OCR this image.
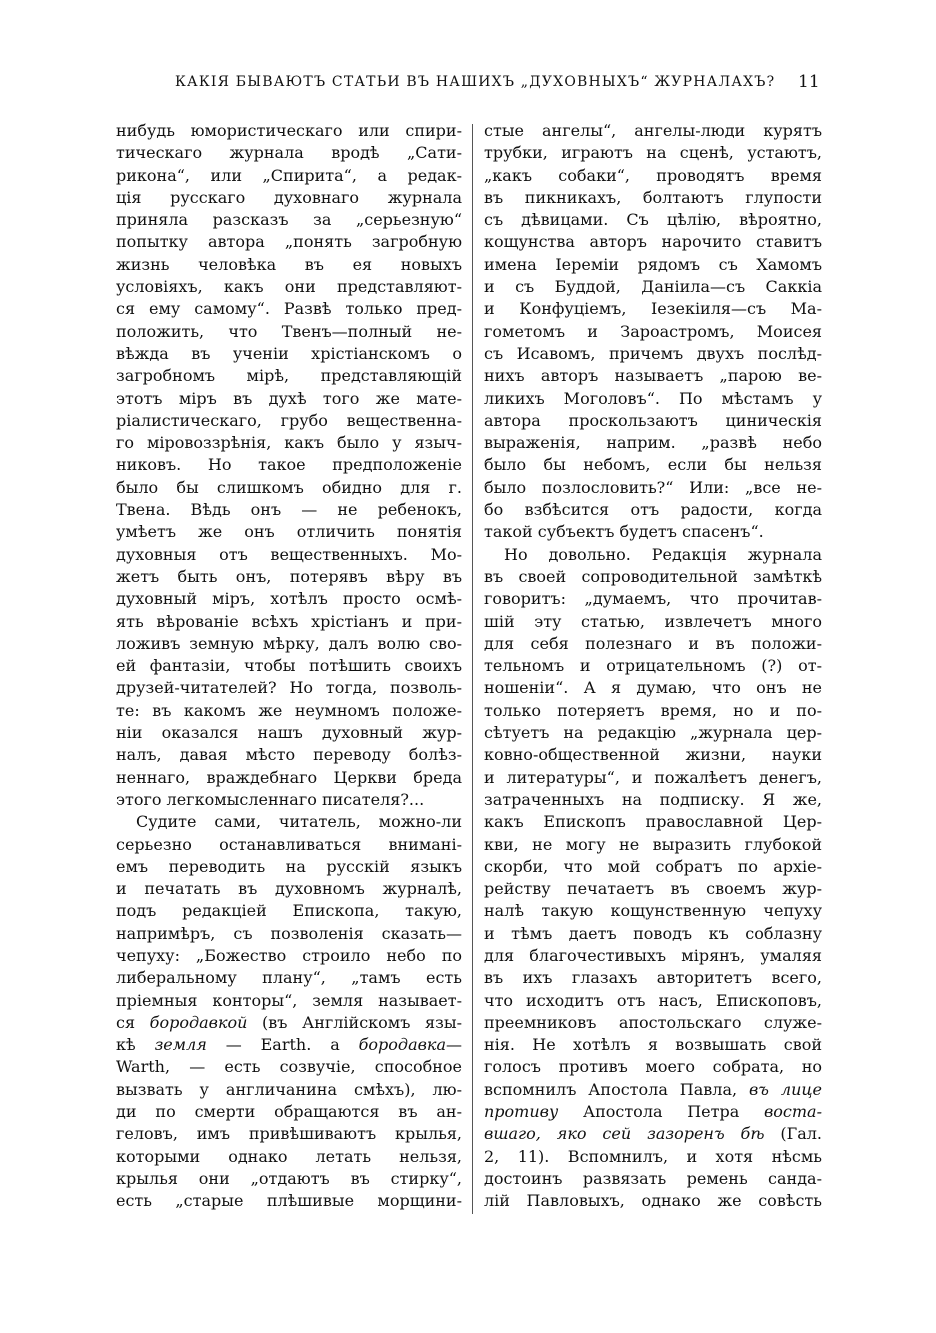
КАКІЯ БЫВАЮТЪ СТАТЬИ ВЪ НАШИХЪ „ДУХОВНЫХЪ“ ЖУРНАЛАХЪ? 11
нибудь юмористическаго или спири-
тическаго журнала вродѣ „Сати-
рикона“, или „Спирита“, а редак-
ція русскаго духовнаго журнала
приняла разсказъ за „серьезную“
попытку автора „понять загробную
жизнь человѣка въ ея новыхъ
условіяхъ, какъ они представляют-
ся ему самому“. Развѣ только пред-
положить, что Твенъ—полный не-
вѣжда въ ученіи хрістіанскомъ о
загробномъ мірѣ, представляющій
этотъ міръ въ духѣ того же мате-
ріалистическаго, грубо вещественна-
го міровоззрѣнія, какъ было у языч-
никовъ. Но такое предположеніе
было бы слишкомъ обидно для г.
Твена. Вѣдь онъ — не ребенокъ,
умѣетъ же онъ отличить понятія
духовныя отъ вещественныхъ. Мо-
жетъ быть онъ, потерявъ вѣру въ
духовный міръ, хотѣлъ просто осмѣ-
ять вѣрованіе всѣхъ хрістіанъ и при-
ложивъ земную мѣрку, далъ волю сво-
ей фантазіи, чтобы потѣшить своихъ
друзей-читателей? Но тогда, позволь-
те: въ какомъ же неумномъ положе-
ніи оказался нашъ духовный жур-
налъ, давая мѣсто переводу болѣз-
неннаго, враждебнаго Церкви бреда
этого легкомысленнаго писателя?...
Судите сами, читатель, можно-ли
серьезно останавливаться внимані-
емъ переводить на русскій языкъ
и печатать въ духовномъ журналѣ,
подъ редакціей Епископа, такую,
напримѣръ, съ позволенія сказать—
чепуху: „Божество строило небо по
либеральному плану“, „тамъ есть
пріемныя конторы“, земля называет-
ся бородавкой (въ Англійскомъ язы-
кѣ земля — Earth. а бородавка—
Warth, — есть созвучіе, способное
вызвать у англичанина смѣхъ), лю-
ди по смерти обращаются въ ан-
геловъ, имъ привѣшиваютъ крылья,
которыми однако летать нельзя,
крылья они „отдаютъ въ стирку“,
есть „старые плѣшивые морщини-
стые ангелы“, ангелы-люди курятъ
трубки, играютъ на сценѣ, устаютъ,
„какъ собаки“, проводятъ время
въ пикникахъ, болтаютъ глупости
съ дѣвицами. Съ цѣлію, вѣроятно,
кощунства авторъ нарочито ставитъ
имена Іереміи рядомъ съ Хамомъ
и съ Буддой, Даніила—съ Саккіа
и Конфуціемъ, Іезекіиля—съ Ма-
гометомъ и Зароастромъ, Моисея
съ Исавомъ, причемъ двухъ послѣд-
нихъ авторъ называетъ „парою ве-
ликихъ Моголовъ“. По мѣстамъ у
автора проскользаютъ циническія
выраженія, наприм. „развѣ небо
было бы небомъ, если бы нельзя
было позлословить?“ Или: „все не-
бо взбѣсится отъ радости, когда
такой субъектъ будетъ спасенъ“.
Но довольно. Редакція журнала
въ своей сопроводительной замѣткѣ
говоритъ: „думаемъ, что прочитав-
шій эту статью, извлечетъ много
для себя полезнаго и въ положи-
тельномъ и отрицательномъ (?) от-
ношеніи“. А я думаю, что онъ не
только потеряетъ время, но и по-
сѣтуетъ на редакцію „журнала цер-
ковно-общественной жизни, науки
и литературы“, и пожалѣетъ денегъ,
затраченныхъ на подписку. Я же,
какъ Епископъ православной Цер-
кви, не могу не выразить глубокой
скорби, что мой собратъ по архіе-
рейству печатаетъ въ своемъ жур-
налѣ такую кощунственную чепуху
и тѣмъ даетъ поводъ къ соблазну
для благочестивыхъ мірянъ, умаляя
въ ихъ глазахъ авторитетъ всего,
что исходитъ отъ насъ, Епископовъ,
преемниковъ апостольскаго служе-
нія. Не хотѣлъ я возвышать свой
голосъ противъ моего собрата, но
вспомнилъ Апостола Павла, въ лице
противу Апостола Петра воста-
вшаго, яко сей зазоренъ бѣ (Гал.
2, 11). Вспомнилъ, и хотя нѣсмь
достоинъ развязать ремень санда-
лій Павловыхъ, однако же совѣсть
